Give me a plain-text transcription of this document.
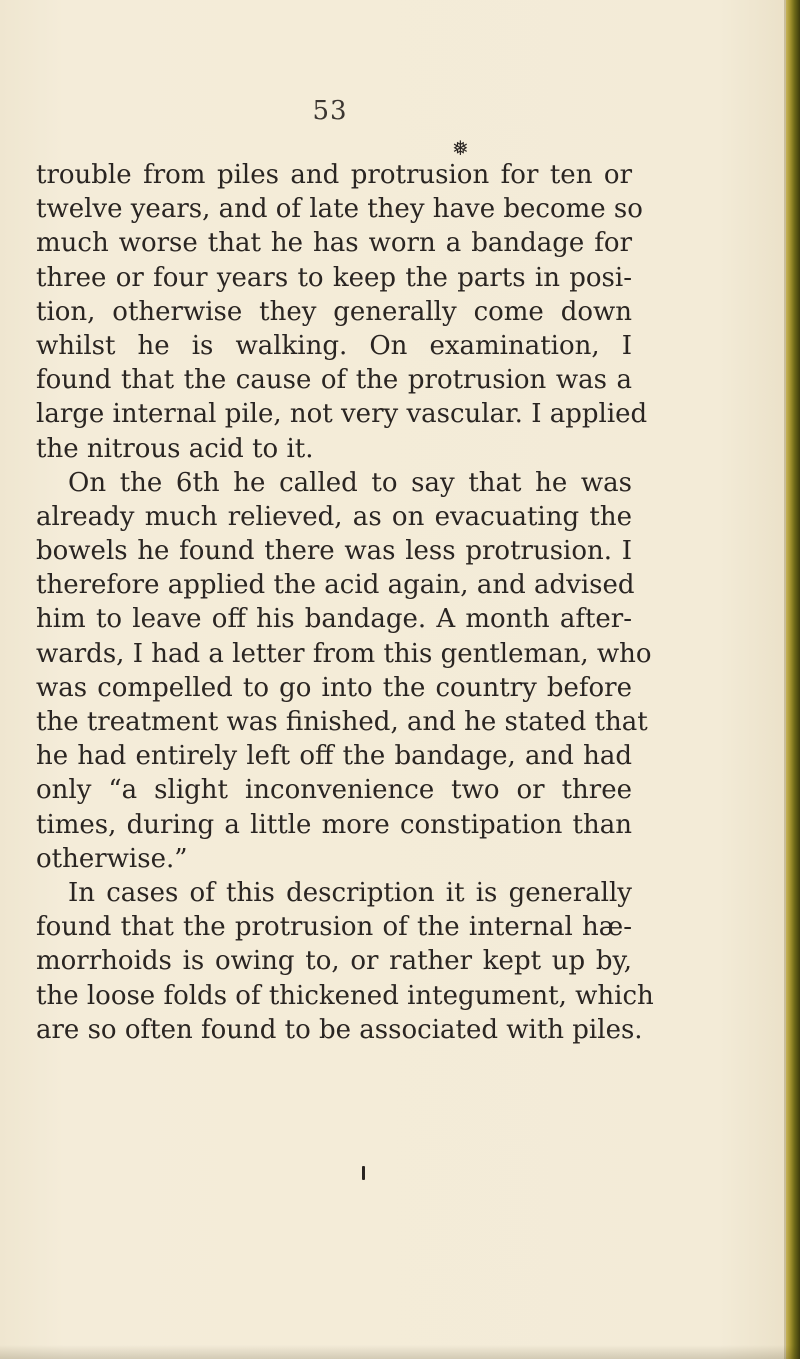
53
❅
trouble from piles and protrusion for ten or
twelve years, and of late they have become so
much worse that he has worn a bandage for
three or four years to keep the parts in posi-
tion, otherwise they generally come down
whilst he is walking. On examination, I
found that the cause of the protrusion was a
large internal pile, not very vascular. I applied
the nitrous acid to it.
On the 6th he called to say that he was
already much relieved, as on evacuating the
bowels he found there was less protrusion. I
therefore applied the acid again, and advised
him to leave off his bandage. A month after-
wards, I had a letter from this gentleman, who
was compelled to go into the country before
the treatment was finished, and he stated that
he had entirely left off the bandage, and had
only “a slight inconvenience two or three
times, during a little more constipation than
otherwise.”
In cases of this description it is generally
found that the protrusion of the internal hæ-
morrhoids is owing to, or rather kept up by,
the loose folds of thickened integument, which
are so often found to be associated with piles.
